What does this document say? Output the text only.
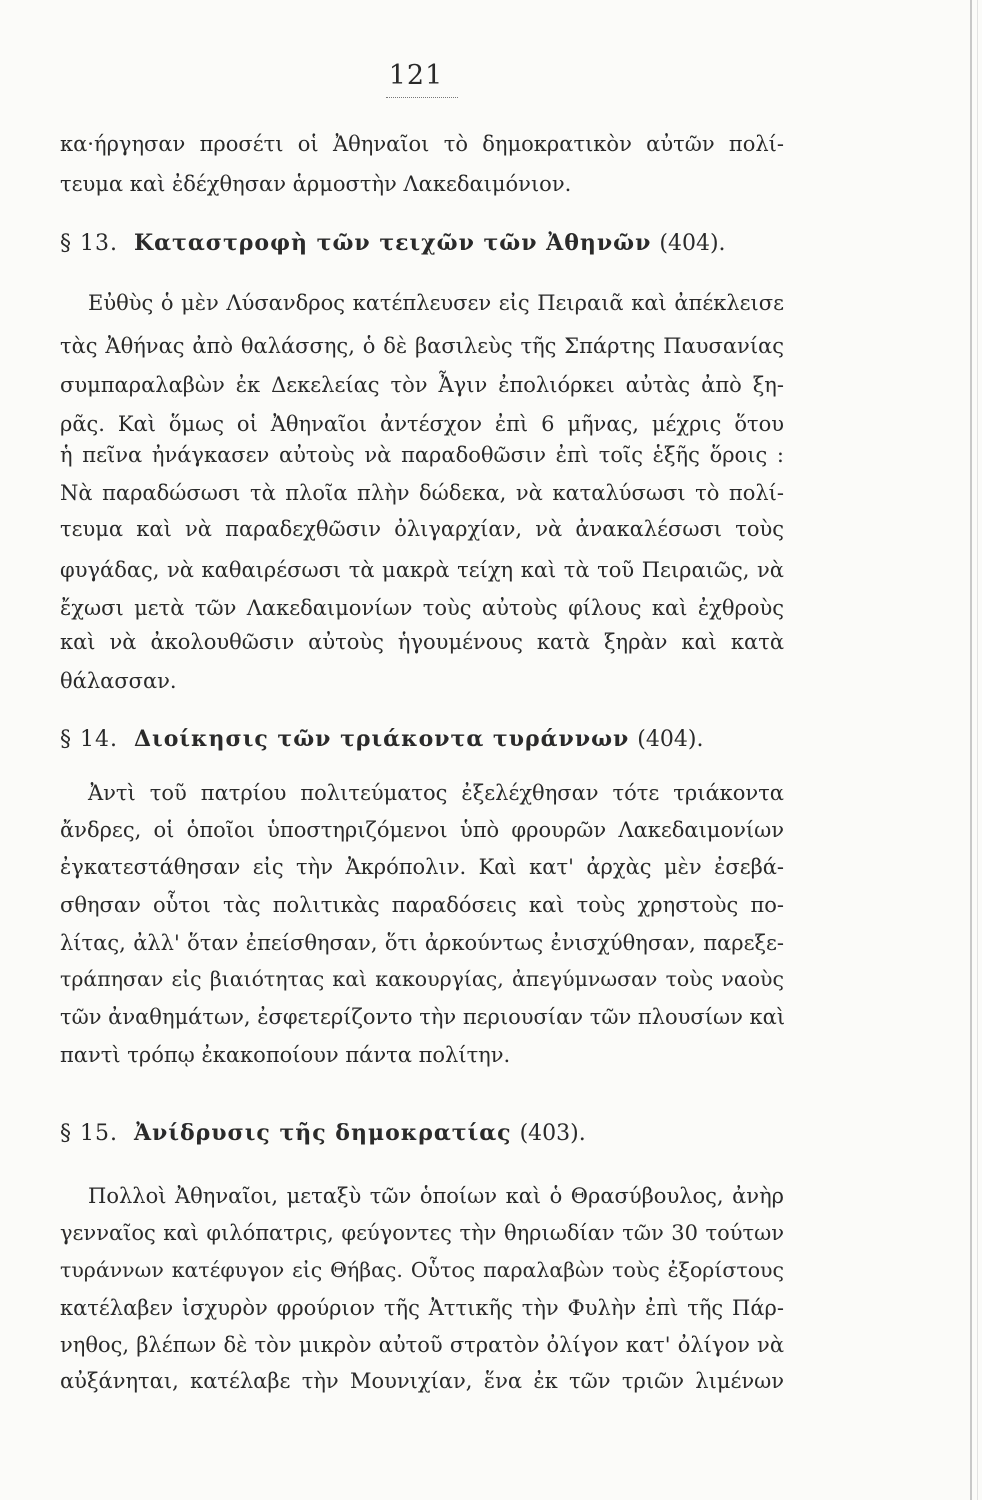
121
κα·ήργησαν προσέτι οἱ Ἀθηναῖοι τὸ δημοκρατικὸν αὐτῶν πολί-
τευμα καὶ ἐδέχθησαν ἁρμοστὴν Λακεδαιμόνιον.
§ 13. Καταστροφὴ τῶν τειχῶν τῶν Ἀθηνῶν (404).
Εὐθὺς ὁ μὲν Λύσανδρος κατέπλευσεν εἰς Πειραιᾶ καὶ ἀπέκλεισε
τὰς Ἀθήνας ἀπὸ θαλάσσης, ὁ δὲ βασιλεὺς τῆς Σπάρτης Παυσανίας
συμπαραλαβὼν ἐκ Δεκελείας τὸν Ἆγιν ἐπολιόρκει αὐτὰς ἀπὸ ξη-
ρᾶς. Καὶ ὅμως οἱ Ἀθηναῖοι ἀντέσχον ἐπὶ 6 μῆνας, μέχρις ὅτου
ἡ πεῖνα ἠνάγκασεν αὐτοὺς νὰ παραδοθῶσιν ἐπὶ τοῖς ἑξῆς ὅροις :
Νὰ παραδώσωσι τὰ πλοῖα πλὴν δώδεκα, νὰ καταλύσωσι τὸ πολί-
τευμα καὶ νὰ παραδεχθῶσιν ὀλιγαρχίαν, νὰ ἀνακαλέσωσι τοὺς
φυγάδας, νὰ καθαιρέσωσι τὰ μακρὰ τείχη καὶ τὰ τοῦ Πειραιῶς, νὰ
ἔχωσι μετὰ τῶν Λακεδαιμονίων τοὺς αὐτοὺς φίλους καὶ ἐχθροὺς
καὶ νὰ ἀκολουθῶσιν αὐτοὺς ἡγουμένους κατὰ ξηρὰν καὶ κατὰ
θάλασσαν.
§ 14. Διοίκησις τῶν τριάκοντα τυράννων (404).
Ἀντὶ τοῦ πατρίου πολιτεύματος ἐξελέχθησαν τότε τριάκοντα
ἄνδρες, οἱ ὁποῖοι ὑποστηριζόμενοι ὑπὸ φρουρῶν Λακεδαιμονίων
ἐγκατεστάθησαν εἰς τὴν Ἀκρόπολιν. Καὶ κατ' ἀρχὰς μὲν ἐσεβά-
σθησαν οὗτοι τὰς πολιτικὰς παραδόσεις καὶ τοὺς χρηστοὺς πο-
λίτας, ἀλλ' ὅταν ἐπείσθησαν, ὅτι ἀρκούντως ἐνισχύθησαν, παρεξε-
τράπησαν εἰς βιαιότητας καὶ κακουργίας, ἀπεγύμνωσαν τοὺς ναοὺς
τῶν ἀναθημάτων, ἐσφετερίζοντο τὴν περιουσίαν τῶν πλουσίων καὶ
παντὶ τρόπῳ ἐκακοποίουν πάντα πολίτην.
§ 15. Ἀνίδρυσις τῆς δημοκρατίας (403).
Πολλοὶ Ἀθηναῖοι, μεταξὺ τῶν ὁποίων καὶ ὁ Θρασύβουλος, ἀνὴρ
γενναῖος καὶ φιλόπατρις, φεύγοντες τὴν θηριωδίαν τῶν 30 τούτων
τυράννων κατέφυγον εἰς Θήβας. Οὗτος παραλαβὼν τοὺς ἐξορίστους
κατέλαβεν ἰσχυρὸν φρούριον τῆς Ἀττικῆς τὴν Φυλὴν ἐπὶ τῆς Πάρ-
νηθος, βλέπων δὲ τὸν μικρὸν αὐτοῦ στρατὸν ὀλίγον κατ' ὀλίγον νὰ
αὐξάνηται, κατέλαβε τὴν Μουνιχίαν, ἕνα ἐκ τῶν τριῶν λιμένων
